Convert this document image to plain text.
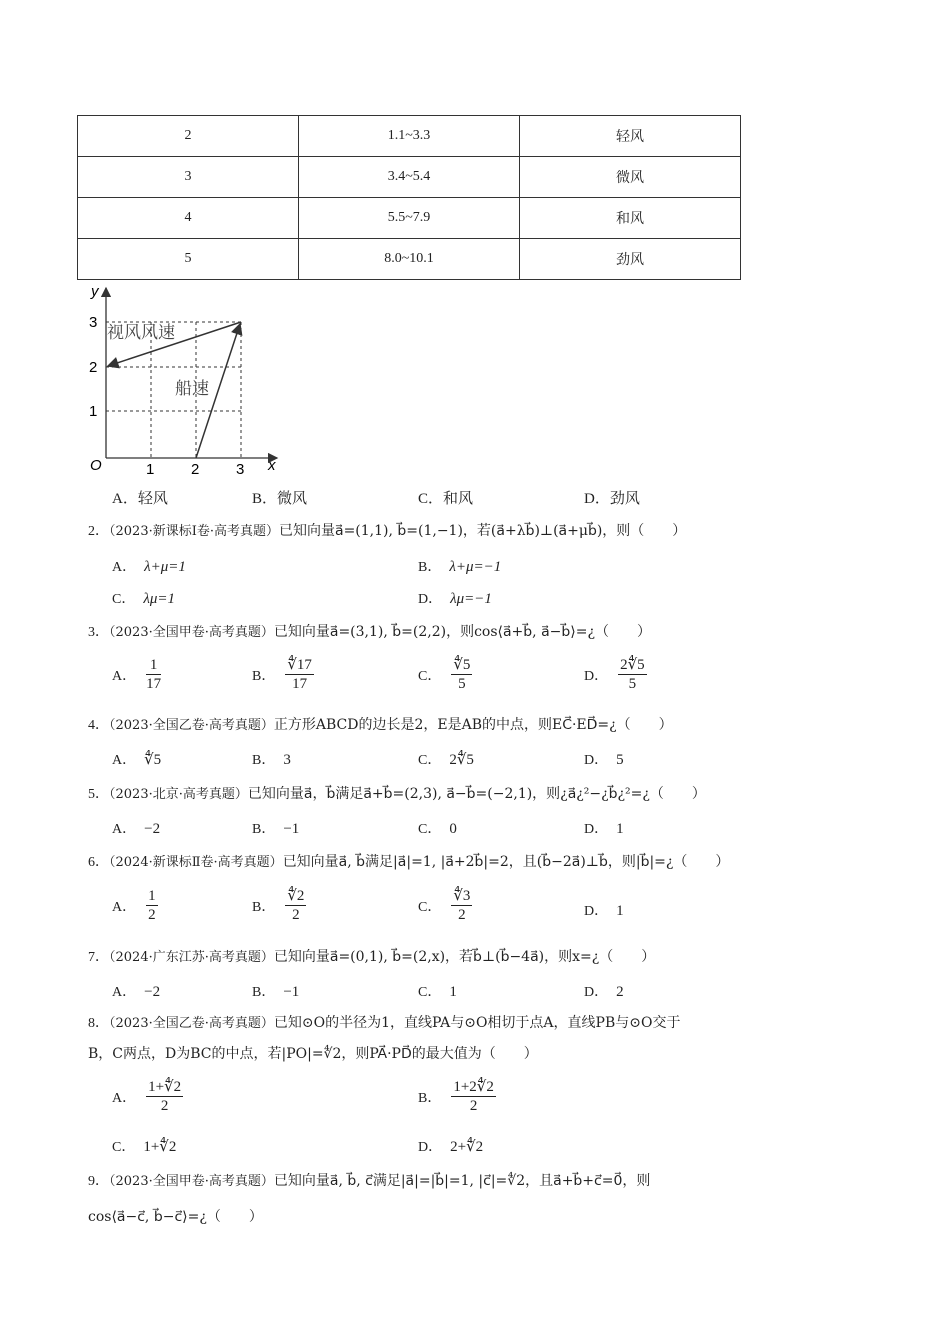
2	1.1~3.3	轻风
3	3.4~5.4	微风
4	5.5~7.9	和风
5	8.0~10.1	劲风
y
x
O	1 2 3
1
2
3
视风风速
船速
A．轻风	B．微风	C．和风	D．劲风
2．（2023·新课标Ⅰ卷·高考真题）已知向量a⃗=(1,1), b⃗=(1,−1)，若(a⃗+λb⃗)⊥(a⃗+μb⃗)，则（　　）
A． λ+μ=1	B． λ+μ=−1
C． λμ=1	D． λμ=−1
3．（2023·全国甲卷·高考真题）已知向量a⃗=(3,1), b⃗=(2,2)，则cos⟨a⃗+b⃗, a⃗−b⃗⟩=¿（　　）
A． $\frac{1}{17}$	B． $\frac{∜17}{17}$	C． $\frac{∜5}{5}$	D． $\frac{2∜5}{5}$
4．（2023·全国乙卷·高考真题）正方形ABCD的边长是2，E是AB的中点，则EC⃗·ED⃗=¿（　　）
A． ∜5	B． 3	C． 2∜5	D． 5
5．（2023·北京·高考真题）已知向量a⃗，b⃗满足a⃗+b⃗=(2,3), a⃗−b⃗=(−2,1)，则¿a⃗¿²−¿b⃗¿²=¿（　　）
A． −2	B． −1	C． 0	D． 1
6．（2024·新课标Ⅱ卷·高考真题）已知向量a⃗, b⃗满足|a⃗|=1, |a⃗+2b⃗|=2，且(b⃗−2a⃗)⊥b⃗，则|b⃗|=¿（　　）
A． $\frac{1}{2}$	B． $\frac{∜2}{2}$	C． $\frac{∜3}{2}$	D． 1
7．（2024·广东江苏·高考真题）已知向量a⃗=(0,1), b⃗=(2,x)，若b⃗⊥(b⃗−4a⃗)，则x=¿（　　）
A． −2	B． −1	C． 1	D． 2
8．（2023·全国乙卷·高考真题）已知⊙O的半径为1，直线PA与⊙O相切于点A，直线PB与⊙O交于
B，C两点，D为BC的中点，若|PO|=∜2，则PA⃗·PD⃗的最大值为（　　）
A． $\frac{1+∜2}{2}$	B． $\frac{1+2∜2}{2}$
C． 1+∜2	D． 2+∜2
9．（2023·全国甲卷·高考真题）已知向量a⃗, b⃗, c⃗满足|a⃗|=|b⃗|=1, |c⃗|=∜2，且a⃗+b⃗+c⃗=0⃗，则
cos⟨a⃗−c⃗, b⃗−c⃗⟩=¿（　　）
